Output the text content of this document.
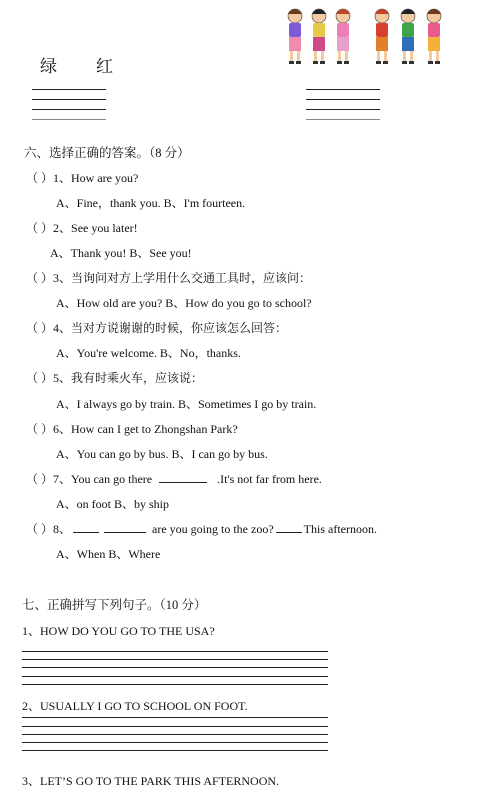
绿 红
六、选择正确的答案。（8 分）
（ ）1、How are you?
A、Fine，thank you. B、I'm fourteen.
（ ）2、See you later!
A、Thank you! B、See you!
（ ）3、当询问对方上学用什么交通工具时，应该问：
A、How old are you? B、How do you go to school?
（ ）4、当对方说谢谢的时候，你应该怎么回答：
A、You're welcome. B、No，thanks.
（ ）5、我有时乘火车，应该说：
A、I always go by train. B、Sometimes I go by train.
（ ）6、How can I get to Zhongshan Park?
A、You can go by bus. B、I can go by bus.
（ ）7、You can go there	.It's not far from here.
A、on foot B、by ship
（ ）8、	are you going to the zoo?	This afternoon.
A、When B、Where
七、正确拼写下列句子。（10 分）
1、HOW DO YOU GO TO THE USA?
2、USUALLY I GO TO SCHOOL ON FOOT.
3、LET’S GO TO THE PARK THIS AFTERNOON.
